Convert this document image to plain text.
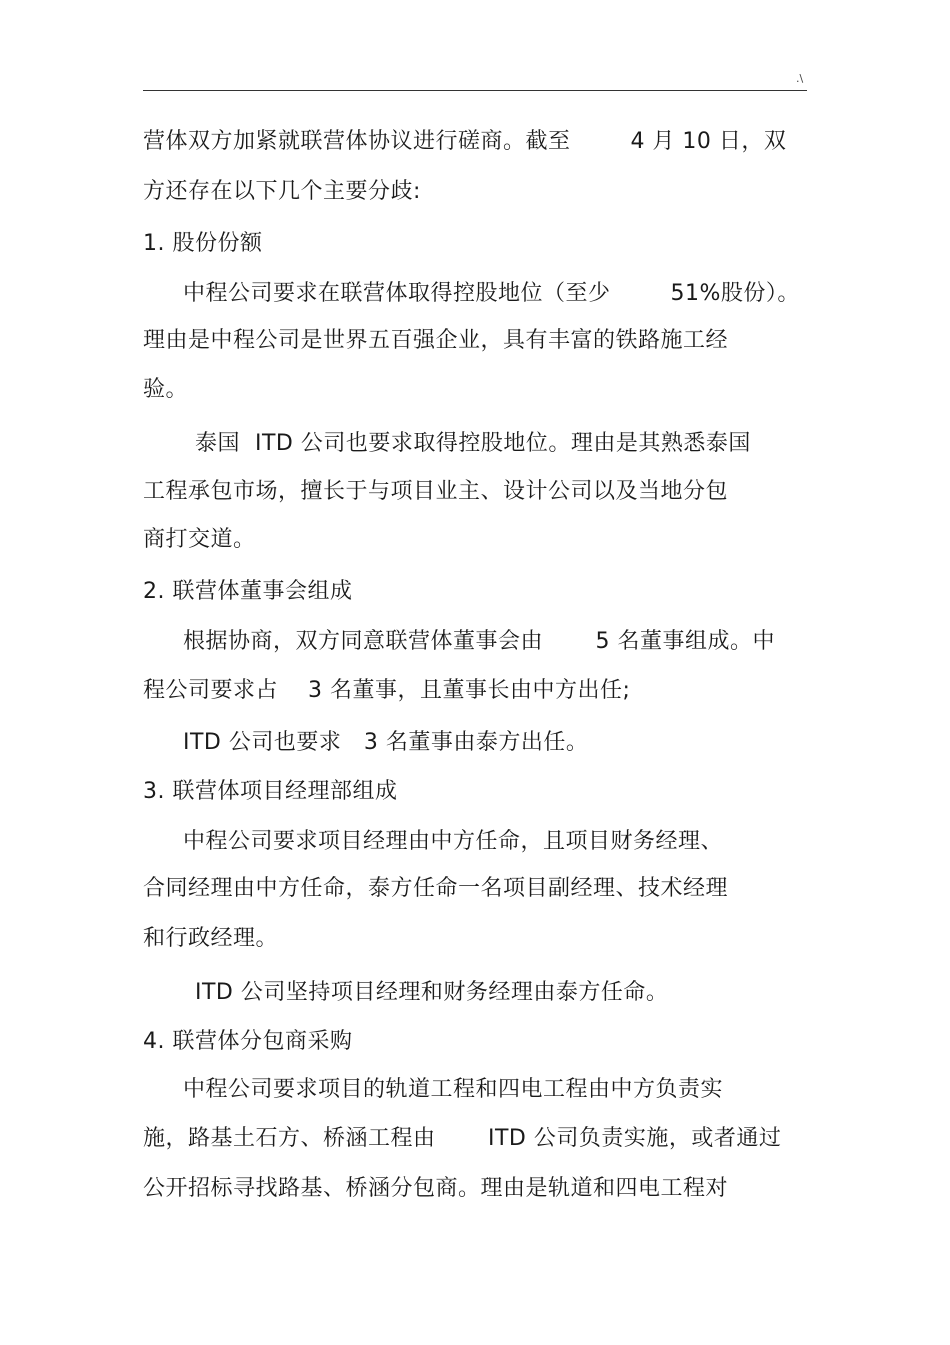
.\
营体双方加紧就联营体协议进行磋商。截至        4 月 10 日，双
方还存在以下几个主要分歧:
1. 股份份额
中程公司要求在联营体取得控股地位（至少        51%股份）。
理由是中程公司是世界五百强企业，具有丰富的铁路施工经
验。
泰国  ITD 公司也要求取得控股地位。理由是其熟悉泰国
工程承包市场，擅长于与项目业主、设计公司以及当地分包
商打交道。
2. 联营体董事会组成
根据协商，双方同意联营体董事会由       5 名董事组成。中
程公司要求占    3 名董事，且董事长由中方出任;
ITD 公司也要求   3 名董事由泰方出任。
3. 联营体项目经理部组成
中程公司要求项目经理由中方任命，且项目财务经理、
合同经理由中方任命，泰方任命一名项目副经理、技术经理
和行政经理。
ITD 公司坚持项目经理和财务经理由泰方任命。
4. 联营体分包商采购
中程公司要求项目的轨道工程和四电工程由中方负责实
施，路基土石方、桥涵工程由       ITD 公司负责实施，或者通过
公开招标寻找路基、桥涵分包商。理由是轨道和四电工程对
